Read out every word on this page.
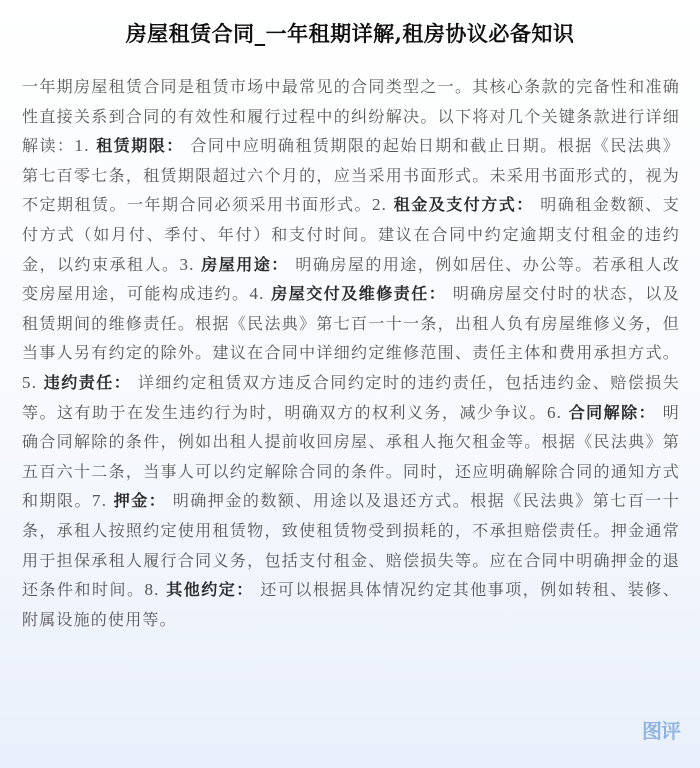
房屋租赁合同_一年租期详解,租房协议必备知识

一年期房屋租赁合同是租赁市场中最常见的合同类型之一。其核心条款的完备性和准确性直接关系到合同的有效性和履行过程中的纠纷解决。以下将对几个关键条款进行详细解读：1. 租赁期限： 合同中应明确租赁期限的起始日期和截止日期。根据《民法典》第七百零七条，租赁期限超过六个月的，应当采用书面形式。未采用书面形式的，视为不定期租赁。一年期合同必须采用书面形式。2. 租金及支付方式： 明确租金数额、支付方式（如月付、季付、年付）和支付时间。建议在合同中约定逾期支付租金的违约金，以约束承租人。3. 房屋用途： 明确房屋的用途，例如居住、办公等。若承租人改变房屋用途，可能构成违约。4. 房屋交付及维修责任： 明确房屋交付时的状态，以及租赁期间的维修责任。根据《民法典》第七百一十一条，出租人负有房屋维修义务，但当事人另有约定的除外。建议在合同中详细约定维修范围、责任主体和费用承担方式。5. 违约责任： 详细约定租赁双方违反合同约定时的违约责任，包括违约金、赔偿损失等。这有助于在发生违约行为时，明确双方的权利义务，减少争议。6. 合同解除： 明确合同解除的条件，例如出租人提前收回房屋、承租人拖欠租金等。根据《民法典》第五百六十二条，当事人可以约定解除合同的条件。同时，还应明确解除合同的通知方式和期限。7. 押金： 明确押金的数额、用途以及退还方式。根据《民法典》第七百一十条，承租人按照约定使用租赁物，致使租赁物受到损耗的，不承担赔偿责任。押金通常用于担保承租人履行合同义务，包括支付租金、赔偿损失等。应在合同中明确押金的退还条件和时间。8. 其他约定： 还可以根据具体情况约定其他事项，例如转租、装修、附属设施的使用等。

图评
